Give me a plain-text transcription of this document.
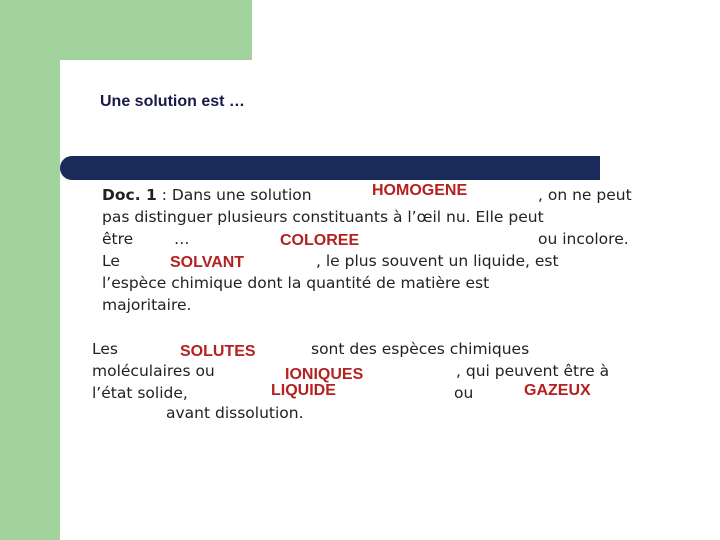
Une solution est …

Doc. 1 : Dans une solution	HOMOGENE	, on ne peut

pas distinguer plusieurs constituants à l’œil nu. Elle peut

être	…	COLOREE	ou incolore.

Le	SOLVANT	, le plus souvent un liquide, est

l’espèce chimique dont la quantité de matière est

majoritaire.

Les	SOLUTES	sont des espèces chimiques

moléculaires ou	IONIQUES	, qui peuvent être à

l’état solide,	LIQUIDE	ou	GAZEUX

avant dissolution.
